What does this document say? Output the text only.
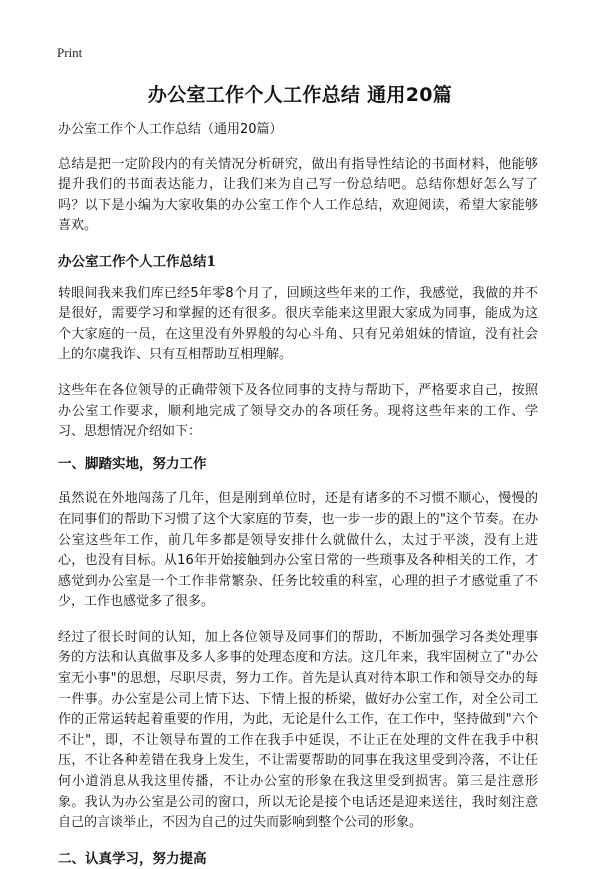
Print
办公室工作个人工作总结 通用20篇

办公室工作个人工作总结（通用20篇）

总结是把一定阶段内的有关情况分析研究，做出有指导性结论的书面材料，他能够提升我们的书面表达能力，让我们来为自己写一份总结吧。总结你想好怎么写了吗？以下是小编为大家收集的办公室工作个人工作总结，欢迎阅读，希望大家能够喜欢。

办公室工作个人工作总结1

转眼间我来我们库已经5年零8个月了，回顾这些年来的工作，我感觉，我做的并不是很好，需要学习和掌握的还有很多。很庆幸能来这里跟大家成为同事，能成为这个大家庭的一员，在这里没有外界般的勾心斗角、只有兄弟姐妹的情谊，没有社会上的尔虞我诈、只有互相帮助互相理解。

这些年在各位领导的正确带领下及各位同事的支持与帮助下，严格要求自己，按照办公室工作要求，顺利地完成了领导交办的各项任务。现将这些年来的工作、学习、思想情况介绍如下：

一、脚踏实地，努力工作

虽然说在外地闯荡了几年，但是刚到单位时，还是有诸多的不习惯不顺心，慢慢的在同事们的帮助下习惯了这个大家庭的节奏，也一步一步的跟上的"这个节奏。在办公室这些年工作，前几年多都是领导安排什么就做什么，太过于平淡，没有上进心，也没有目标。从16年开始接触到办公室日常的一些琐事及各种相关的工作，才感觉到办公室是一个工作非常繁杂、任务比较重的科室，心理的担子才感觉重了不少，工作也感觉多了很多。

经过了很长时间的认知，加上各位领导及同事们的帮助，不断加强学习各类处理事务的方法和认真做事及多人多事的处理态度和方法。这几年来，我牢固树立了"办公室无小事"的思想，尽职尽责，努力工作。首先是认真对待本职工作和领导交办的每一件事。办公室是公司上情下达、下情上报的桥梁，做好办公室工作，对全公司工作的正常运转起着重要的作用，为此，无论是什么工作，在工作中，坚持做到"六个不让"，即，不让领导布置的工作在我手中延误，不让正在处理的文件在我手中积压，不让各种差错在我身上发生，不让需要帮助的同事在我这里受到冷落，不让任何小道消息从我这里传播，不让办公室的形象在我这里受到损害。第三是注意形象。我认为办公室是公司的窗口，所以无论是接个电话还是迎来送往，我时刻注意自己的言谈举止，不因为自己的过失而影响到整个公司的形象。

二、认真学习，努力提高
